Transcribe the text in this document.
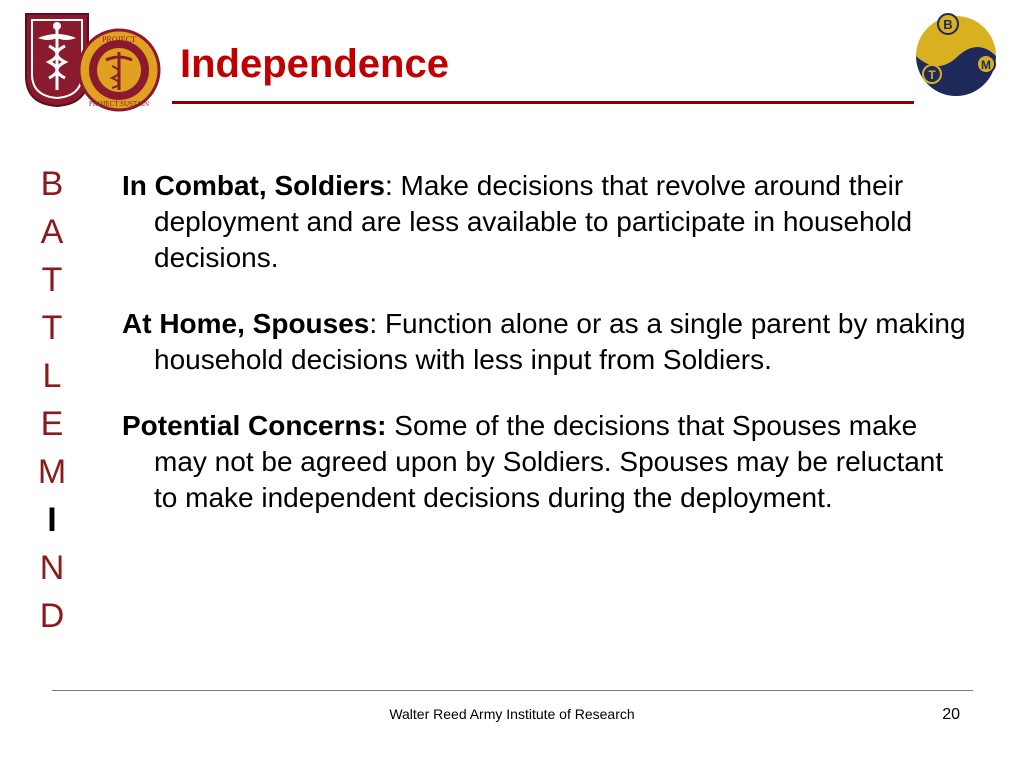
PROJECT
PROJECT SUSTAIN
B
T
M
Independence
B
A
T
T
L
E
M
I
N
D

In Combat, Soldiers: Make decisions that revolve around their deployment and are less available to participate in household decisions.

At Home, Spouses: Function alone or as a single parent by making household decisions with less input from Soldiers.

Potential Concerns: Some of the decisions that Spouses make may not be agreed upon by Soldiers. Spouses may be reluctant to make independent decisions during the deployment.

Walter Reed Army Institute of Research	20
